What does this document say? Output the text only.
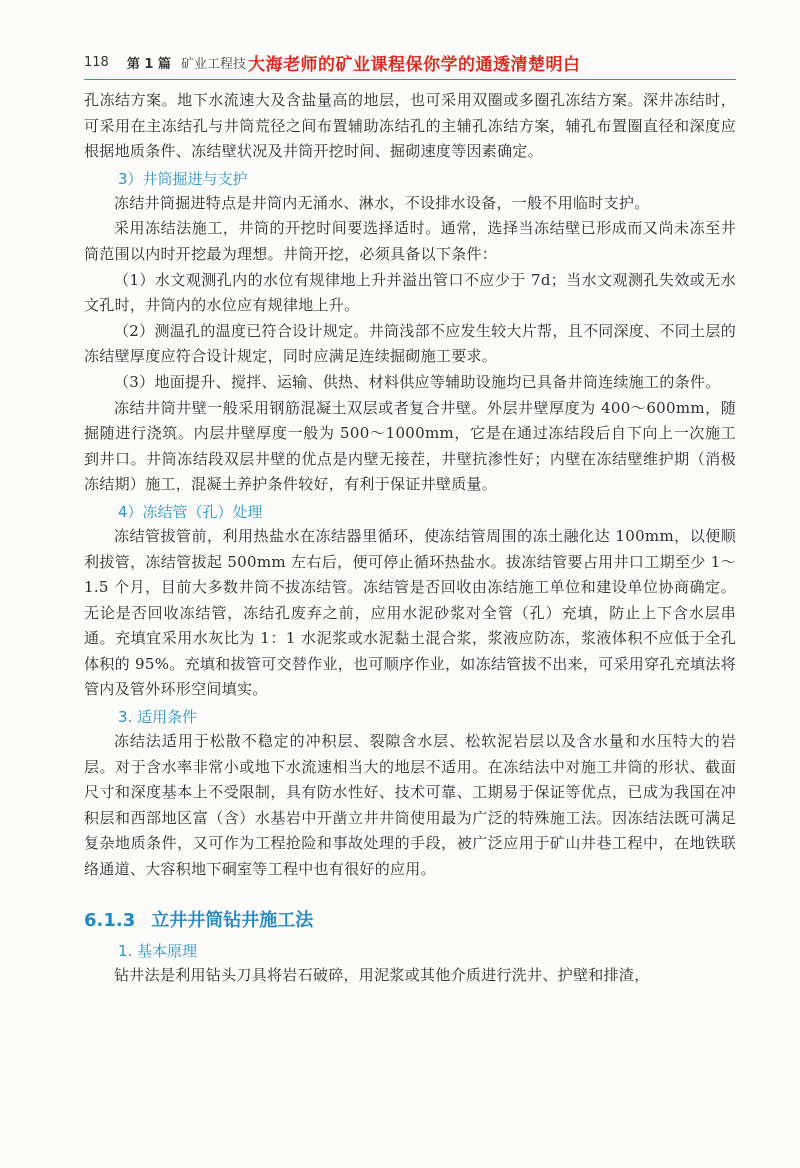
118 第 1 篇 矿业工程技 大海老师的矿业课程保你学的通透清楚明白

孔冻结方案。地下水流速大及含盐量高的地层，也可采用双圈或多圈孔冻结方案。深井冻结时，可采用在主冻结孔与井筒荒径之间布置辅助冻结孔的主辅孔冻结方案，辅孔布置圈直径和深度应根据地质条件、冻结壁状况及井筒开挖时间、掘砌速度等因素确定。

3）井筒掘进与支护

冻结井筒掘进特点是井筒内无涌水、淋水，不设排水设备，一般不用临时支护。

采用冻结法施工，井筒的开挖时间要选择适时。通常，选择当冻结壁已形成而又尚未冻至井筒范围以内时开挖最为理想。井筒开挖，必须具备以下条件：

（1）水文观测孔内的水位有规律地上升并溢出管口不应少于 7d；当水文观测孔失效或无水文孔时，井筒内的水位应有规律地上升。

（2）测温孔的温度已符合设计规定。井筒浅部不应发生较大片帮，且不同深度、不同土层的冻结壁厚度应符合设计规定，同时应满足连续掘砌施工要求。

（3）地面提升、搅拌、运输、供热、材料供应等辅助设施均已具备井筒连续施工的条件。

冻结井筒井壁一般采用钢筋混凝土双层或者复合井壁。外层井壁厚度为 400～600mm，随掘随进行浇筑。内层井壁厚度一般为 500～1000mm，它是在通过冻结段后自下向上一次施工到井口。井筒冻结段双层井壁的优点是内壁无接茬，井壁抗渗性好；内壁在冻结壁维护期（消极冻结期）施工，混凝土养护条件较好，有利于保证井壁质量。

4）冻结管（孔）处理

冻结管拔管前，利用热盐水在冻结器里循环，使冻结管周围的冻土融化达 100mm，以便顺利拔管，冻结管拔起 500mm 左右后，便可停止循环热盐水。拔冻结管要占用井口工期至少 1～1.5 个月，目前大多数井筒不拔冻结管。冻结管是否回收由冻结施工单位和建设单位协商确定。无论是否回收冻结管，冻结孔废弃之前，应用水泥砂浆对全管（孔）充填，防止上下含水层串通。充填宜采用水灰比为 1：1 水泥浆或水泥黏土混合浆，浆液应防冻，浆液体积不应低于全孔体积的 95%。充填和拔管可交替作业，也可顺序作业，如冻结管拔不出来，可采用穿孔充填法将管内及管外环形空间填实。

3. 适用条件

冻结法适用于松散不稳定的冲积层、裂隙含水层、松软泥岩层以及含水量和水压特大的岩层。对于含水率非常小或地下水流速相当大的地层不适用。在冻结法中对施工井筒的形状、截面尺寸和深度基本上不受限制，具有防水性好、技术可靠、工期易于保证等优点，已成为我国在冲积层和西部地区富（含）水基岩中开凿立井井筒使用最为广泛的特殊施工法。因冻结法既可满足复杂地质条件，又可作为工程抢险和事故处理的手段，被广泛应用于矿山井巷工程中，在地铁联络通道、大容积地下硐室等工程中也有很好的应用。

6.1.3 立井井筒钻井施工法
1. 基本原理

钻井法是利用钻头刀具将岩石破碎，用泥浆或其他介质进行洗井、护壁和排渣，
